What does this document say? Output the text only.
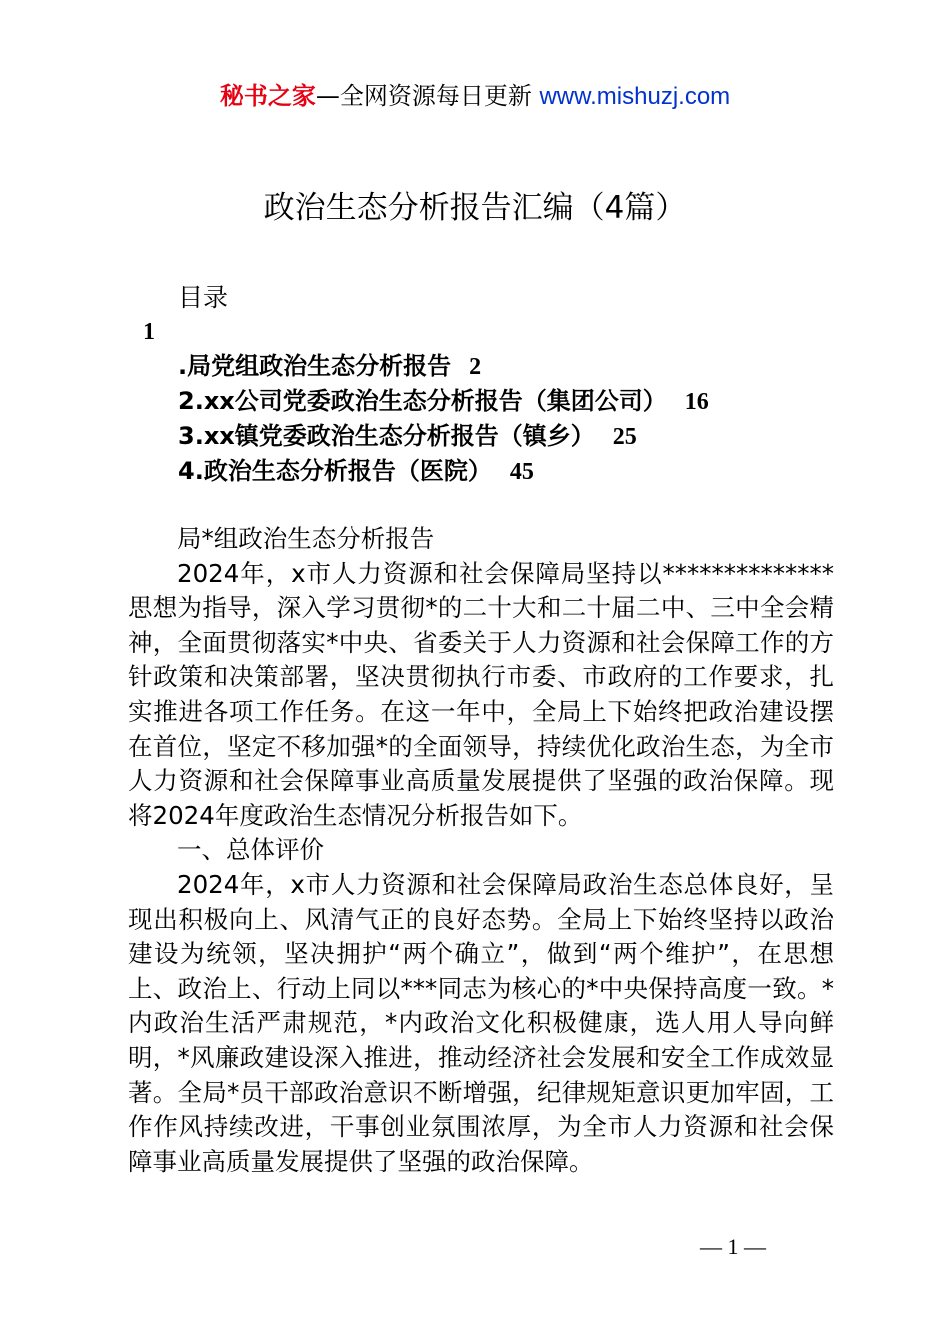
秘书之家—全网资源每日更新 www.mishuzj.com
政治生态分析报告汇编（4篇）
目录
1
.局党组政治生态分析报告 2
2.xx公司党委政治生态分析报告（集团公司） 16
3.xx镇党委政治生态分析报告（镇乡） 25
4.政治生态分析报告（医院） 45

局*组政治生态分析报告

2024年，x市人力资源和社会保障局坚持以**************思想为指导，深入学习贯彻*的二十大和二十届二中、三中全会精神，全面贯彻落实*中央、省委关于人力资源和社会保障工作的方针政策和决策部署，坚决贯彻执行市委、市政府的工作要求，扎实推进各项工作任务。在这一年中，全局上下始终把政治建设摆在首位，坚定不移加强*的全面领导，持续优化政治生态，为全市人力资源和社会保障事业高质量发展提供了坚强的政治保障。现将2024年度政治生态情况分析报告如下。

一、总体评价

2024年，x市人力资源和社会保障局政治生态总体良好，呈现出积极向上、风清气正的良好态势。全局上下始终坚持以政治建设为统领，坚决拥护“两个确立”，做到“两个维护”，在思想上、政治上、行动上同以***同志为核心的*中央保持高度一致。*内政治生活严肃规范，*内政治文化积极健康，选人用人导向鲜明，*风廉政建设深入推进，推动经济社会发展和安全工作成效显著。全局*员干部政治意识不断增强，纪律规矩意识更加牢固，工作作风持续改进，干事创业氛围浓厚，为全市人力资源和社会保障事业高质量发展提供了坚强的政治保障。

— 1 —
